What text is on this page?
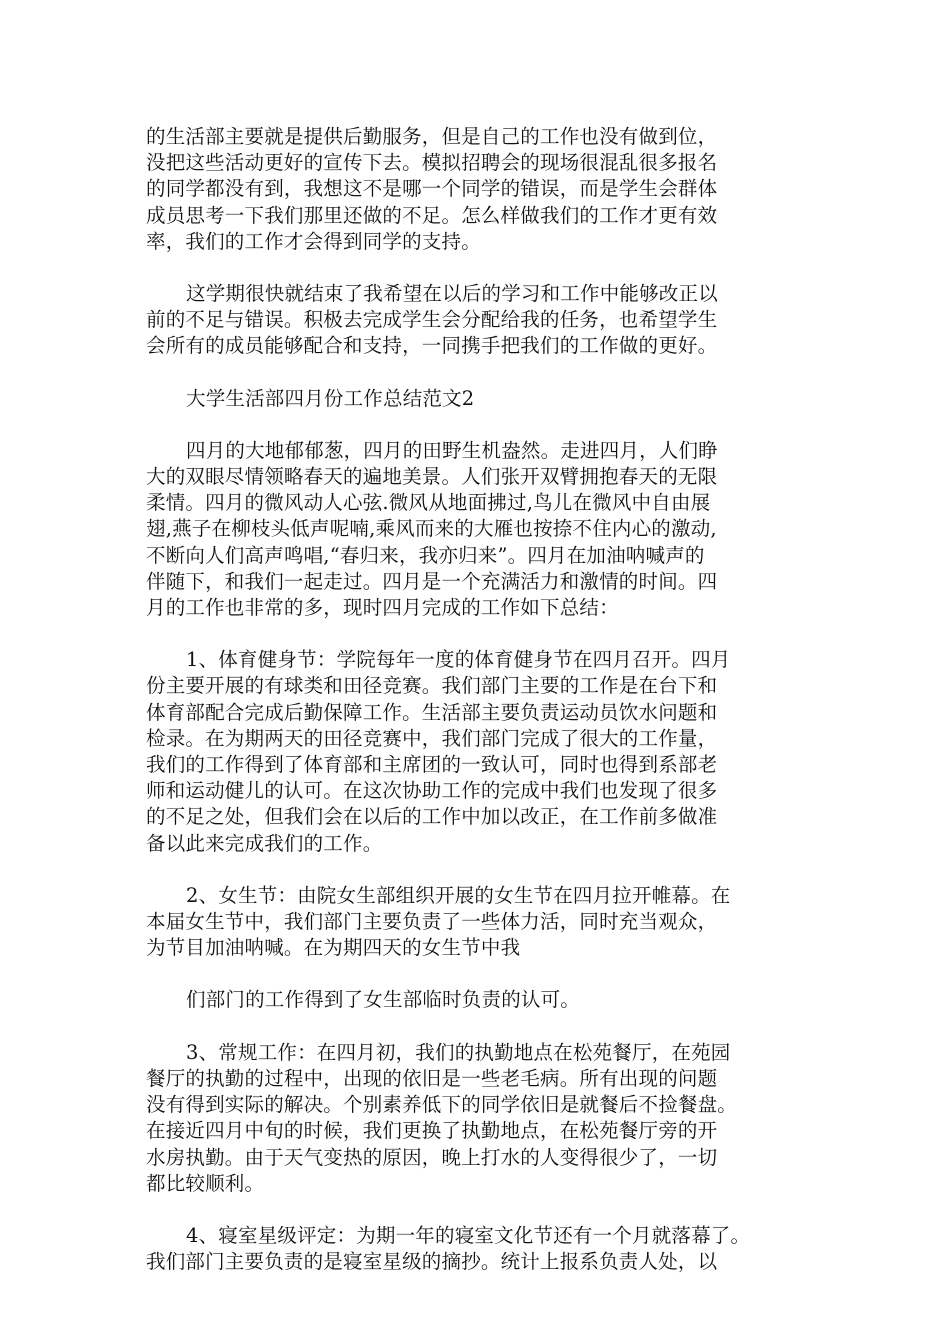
的生活部主要就是提供后勤服务，但是自己的工作也没有做到位，
没把这些活动更好的宣传下去。模拟招聘会的现场很混乱很多报名
的同学都没有到，我想这不是哪一个同学的错误，而是学生会群体
成员思考一下我们那里还做的不足。怎么样做我们的工作才更有效
率，我们的工作才会得到同学的支持。
这学期很快就结束了我希望在以后的学习和工作中能够改正以
前的不足与错误。积极去完成学生会分配给我的任务，也希望学生
会所有的成员能够配合和支持，一同携手把我们的工作做的更好。
大学生活部四月份工作总结范文2
四月的大地郁郁葱，四月的田野生机盎然。走进四月，人们睁
大的双眼尽情领略春天的遍地美景。人们张开双臂拥抱春天的无限
柔情。四月的微风动人心弦.微风从地面拂过,鸟儿在微风中自由展
翅,燕子在柳枝头低声呢喃,乘风而来的大雁也按捺不住内心的激动,
不断向人们高声鸣唱,“春归来，我亦归来”。四月在加油呐喊声的
伴随下，和我们一起走过。四月是一个充满活力和激情的时间。四
月的工作也非常的多，现时四月完成的工作如下总结：
1、体育健身节：学院每年一度的体育健身节在四月召开。四月
份主要开展的有球类和田径竞赛。我们部门主要的工作是在台下和
体育部配合完成后勤保障工作。生活部主要负责运动员饮水问题和
检录。在为期两天的田径竞赛中，我们部门完成了很大的工作量，
我们的工作得到了体育部和主席团的一致认可，同时也得到系部老
师和运动健儿的认可。在这次协助工作的完成中我们也发现了很多
的不足之处，但我们会在以后的工作中加以改正，在工作前多做准
备以此来完成我们的工作。
2、女生节：由院女生部组织开展的女生节在四月拉开帷幕。在
本届女生节中，我们部门主要负责了一些体力活，同时充当观众，
为节目加油呐喊。在为期四天的女生节中我
们部门的工作得到了女生部临时负责的认可。
3、常规工作：在四月初，我们的执勤地点在松苑餐厅，在苑园
餐厅的执勤的过程中，出现的依旧是一些老毛病。所有出现的问题
没有得到实际的解决。个别素养低下的同学依旧是就餐后不捡餐盘。
在接近四月中旬的时候，我们更换了执勤地点，在松苑餐厅旁的开
水房执勤。由于天气变热的原因，晚上打水的人变得很少了，一切
都比较顺利。
4、寝室星级评定：为期一年的寝室文化节还有一个月就落幕了。
我们部门主要负责的是寝室星级的摘抄。统计上报系负责人处，以
